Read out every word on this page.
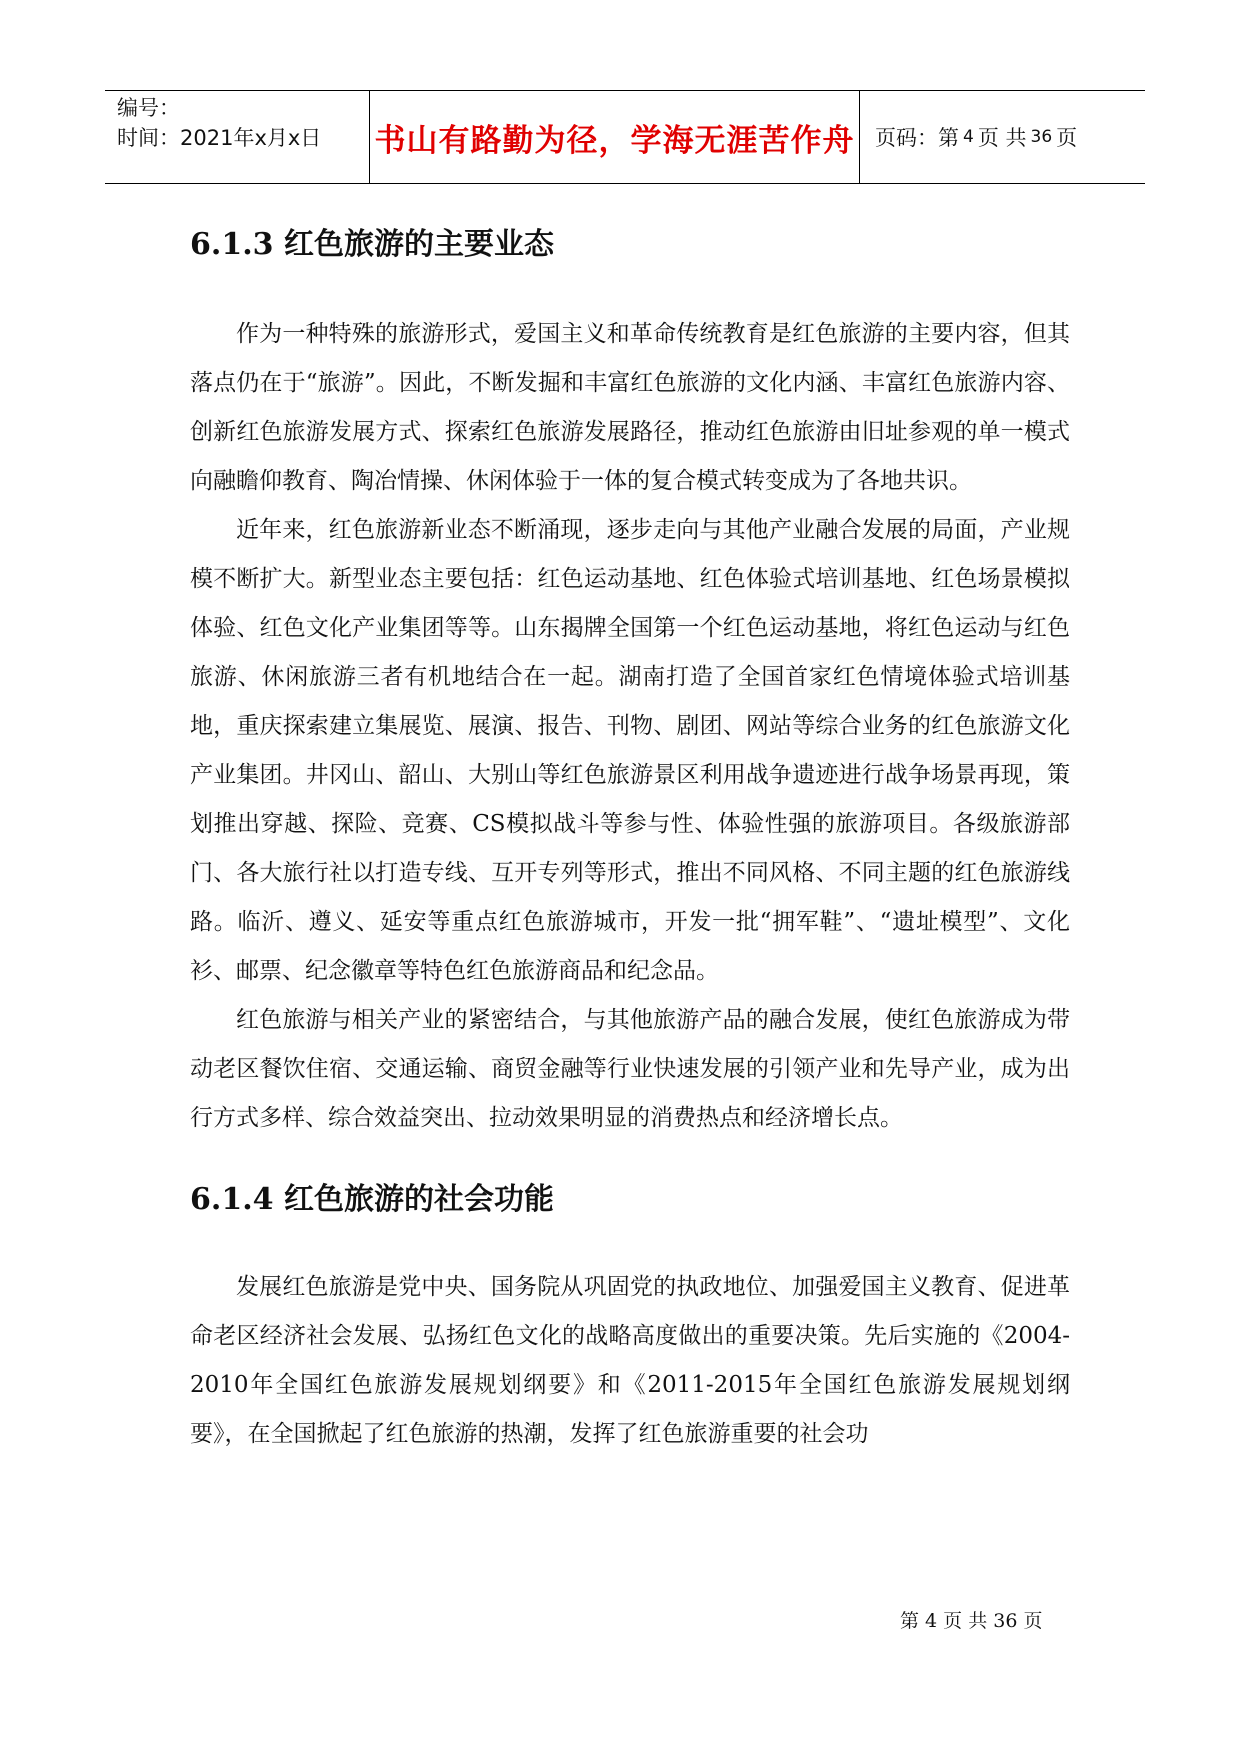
编号：
时间：2021年x月x日	书山有路勤为径，学海无涯苦作舟 页码：第 4 页 共 36 页
6.1.3 红色旅游的主要业态

作为一种特殊的旅游形式，爱国主义和革命传统教育是红色旅游的主要内容，但其落点仍在于“旅游”。因此，不断发掘和丰富红色旅游的文化内涵、丰富红色旅游内容、创新红色旅游发展方式、探索红色旅游发展路径，推动红色旅游由旧址参观的单一模式向融瞻仰教育、陶冶情操、休闲体验于一体的复合模式转变成为了各地共识。

近年来，红色旅游新业态不断涌现，逐步走向与其他产业融合发展的局面，产业规模不断扩大。新型业态主要包括：红色运动基地、红色体验式培训基地、红色场景模拟体验、红色文化产业集团等等。山东揭牌全国第一个红色运动基地，将红色运动与红色旅游、休闲旅游三者有机地结合在一起。湖南打造了全国首家红色情境体验式培训基地，重庆探索建立集展览、展演、报告、刊物、剧团、网站等综合业务的红色旅游文化产业集团。井冈山、韶山、大别山等红色旅游景区利用战争遗迹进行战争场景再现，策划推出穿越、探险、竞赛、CS模拟战斗等参与性、体验性强的旅游项目。各级旅游部门、各大旅行社以打造专线、互开专列等形式，推出不同风格、不同主题的红色旅游线路。临沂、遵义、延安等重点红色旅游城市，开发一批“拥军鞋”、“遗址模型”、文化衫、邮票、纪念徽章等特色红色旅游商品和纪念品。

红色旅游与相关产业的紧密结合，与其他旅游产品的融合发展，使红色旅游成为带动老区餐饮住宿、交通运输、商贸金融等行业快速发展的引领产业和先导产业，成为出行方式多样、综合效益突出、拉动效果明显的消费热点和经济增长点。

6.1.4 红色旅游的社会功能

发展红色旅游是党中央、国务院从巩固党的执政地位、加强爱国主义教育、促进革命老区经济社会发展、弘扬红色文化的战略高度做出的重要决策。先后实施的《2004-2010年全国红色旅游发展规划纲要》和《2011-2015年全国红色旅游发展规划纲要》，在全国掀起了红色旅游的热潮，发挥了红色旅游重要的社会功

第 4 页 共 36 页
